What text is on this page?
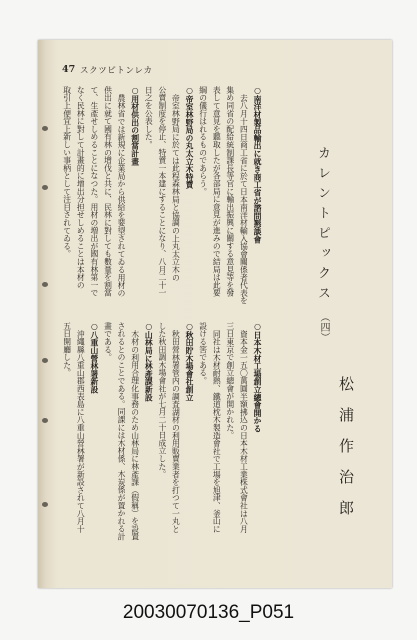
47 スクツピトンレカ
カレントピックス
（四）
松浦作治郎
○南洋材製品輸出に就き商工省が諮問懇談會
去八月十四日商工省に於て日本南洋材輸入協會關係者代表を
集め同省の配給統制課長等官に輸出振興に關する意見等を發
表して意見を聽取したが各部局に意見が進みので結局は此要
綱の儀行はれるものであらう。
○帝室林野局の丸太立木特賣
帝室林野局に於ては此程森林局と協調の上丸太立木の
公賣制度を停止、特賣一本建にすることになり、八月二十一
日之を公表した。
○用材供出の割當計畫
農林省では新規に企業局から供給を要望されてゐる用材の
供出に就て國有林の增伐と共に、民林に對しても數量を割當
て、生產せしめることになつた。用材の増出が國有林第一で
なく民林に對して計畫的に增出分担せしめることは本材の
取引上便宜上新しい事柄として注目されてゐる。
○日本木材工場創立總會開かる
資本金一五〇萬圓半額拂込の日本木材工業株式會社は八月
三日東京で創立總會が開かれた。
同社は木材耐熱、鐵道枕木製造會社で工場を旭津、釜山に
設ける筈である。
○秋田貯木場會社創立
秋田營林署管内の調査湖材の利用販賣業者を打つて一丸と
した秋田調木場會社が七月二十日成立した。
○山林局に林產課新設
木材の利用合理化事務のため山林局に林產課（假稱）を設置
されるとのことである。同課には木材係、木炭係が置かれる計
畫である。
○八重山營林署新設
沖繩縣八重山郡西表島に八重山營林署が新設されて八月十
五日開廳した。
20030070136_P051
